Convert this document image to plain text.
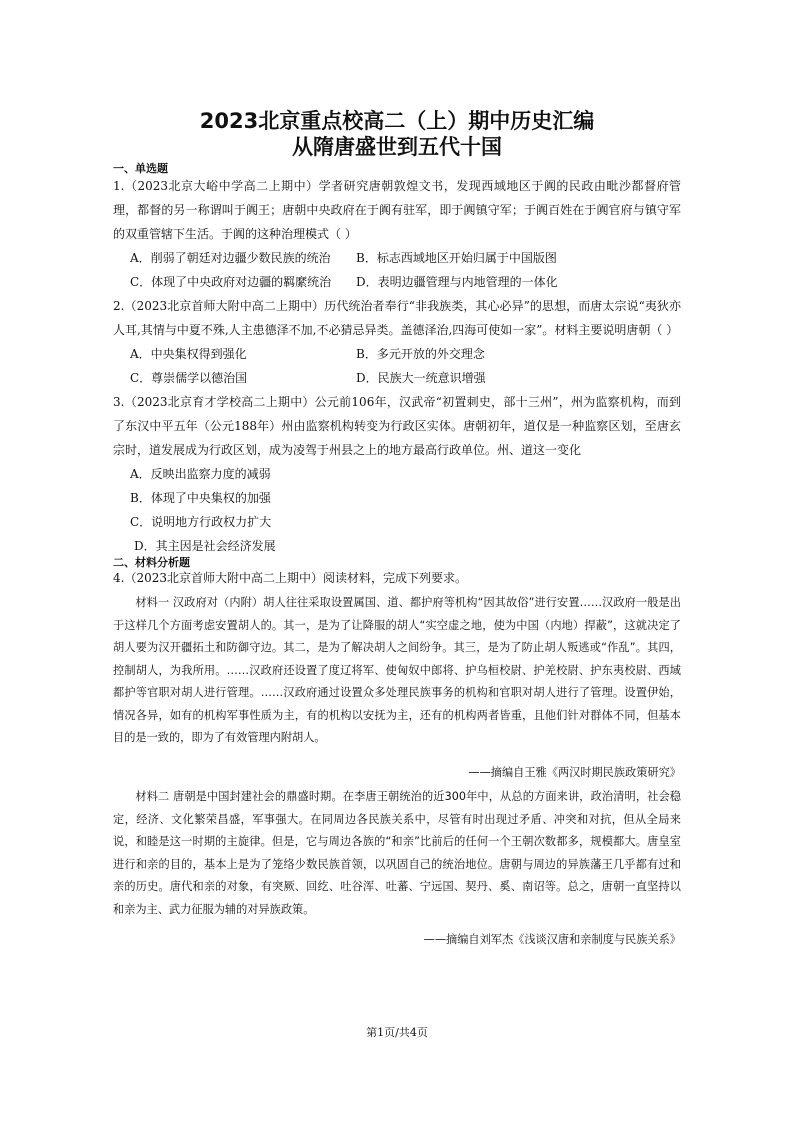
2023北京重点校高二（上）期中历史汇编
从隋唐盛世到五代十国
一、单选题
1.（2023北京大峪中学高二上期中）学者研究唐朝敦煌文书，发现西域地区于阗的民政由毗沙都督府管理，都督的另一称谓叫于阗王；唐朝中央政府在于阗有驻军，即于阗镇守军；于阗百姓在于阗官府与镇守军的双重管辖下生活。于阗的这种治理模式（ ）
A．削弱了朝廷对边疆少数民族的统治 B．标志西域地区开始归属于中国版图
C．体现了中央政府对边疆的羁縻统治 D．表明边疆管理与内地管理的一体化
2.（2023北京首师大附中高二上期中）历代统治者奉行“非我族类，其心必异”的思想，而唐太宗说“夷狄亦人耳,其情与中夏不殊,人主患德泽不加,不必猜忌异类。盖德泽治,四海可使如一家”。材料主要说明唐朝（ ）
A．中央集权得到强化	B．多元开放的外交理念
C．尊崇儒学以德治国	D．民族大一统意识增强
3.（2023北京育才学校高二上期中）公元前106年，汉武帝“初置刺史，部十三州”，州为监察机构，而到了东汉中平五年（公元188年）州由监察机构转变为行政区实体。唐朝初年，道仅是一种监察区划，至唐玄宗时，道发展成为行政区划，成为凌驾于州县之上的地方最高行政单位。州、道这一变化
A．反映出监察力度的减弱
B．体现了中央集权的加强
C．说明地方行政权力扩大
D．其主因是社会经济发展
二、材料分析题
4.（2023北京首师大附中高二上期中）阅读材料，完成下列要求。
材料一 汉政府对（内附）胡人往往采取设置属国、道、都护府等机构“因其故俗”进行安置……汉政府一般是出于这样几个方面考虑安置胡人的。其一，是为了让降服的胡人“实空虚之地，使为中国（内地）捍蔽”，这就决定了胡人要为汉开疆拓土和防御守边。其二，是为了解决胡人之间纷争。其三，是为了防止胡人叛逃或“作乱”。其四，控制胡人，为我所用。……汉政府还设置了度辽将军、使匈奴中郎将、护乌桓校尉、护羌校尉、护东夷校尉、西域都护等官职对胡人进行管理。……汉政府通过设置众多处理民族事务的机构和官职对胡人进行了管理。设置伊始，情况各异，如有的机构军事性质为主，有的机构以安抚为主，还有的机构两者皆重，且他们针对群体不同，但基本目的是一致的，即为了有效管理内附胡人。
——摘编自王雅《两汉时期民族政策研究》
材料二 唐朝是中国封建社会的鼎盛时期。在李唐王朝统治的近300年中，从总的方面来讲，政治清明，社会稳定，经济、文化繁荣昌盛，军事强大。在同周边各民族关系中，尽管有时出现过矛盾、冲突和对抗，但从全局来说，和睦是这一时期的主旋律。但是，它与周边各族的“和亲”比前后的任何一个王朝次数都多，规模都大。唐皇室进行和亲的目的，基本上是为了笼络少数民族首领，以巩固自己的统治地位。唐朝与周边的异族藩王几乎都有过和亲的历史。唐代和亲的对象，有突厥、回纥、吐谷浑、吐蕃、宁远国、契丹、奚、南诏等。总之，唐朝一直坚持以和亲为主、武力征服为辅的对异族政策。
——摘编自刘军杰《浅谈汉唐和亲制度与民族关系》
第1页/共4页
